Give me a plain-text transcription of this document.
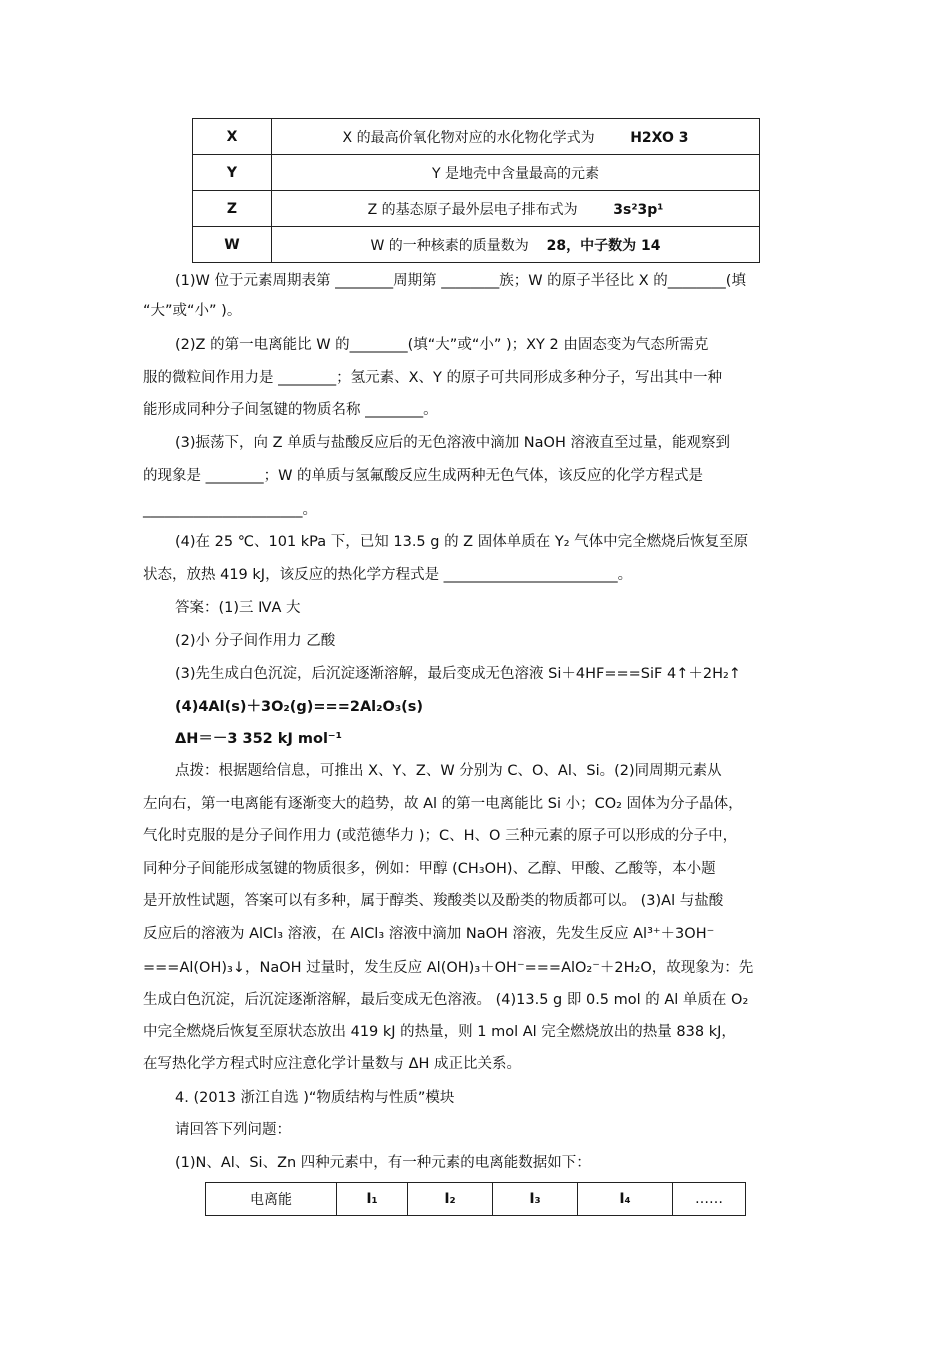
X	X 的最高价氧化物对应的水化物化学式为 H2XO 3
Y	Y 是地壳中含量最高的元素
Z	Z 的基态原子最外层电子排布式为 3s²3p¹
W	W 的一种核素的质量数为 28，中子数为 14
(1)W 位于元素周期表第 ________周期第 ________族；W 的原子半径比 X 的________(填
“大”或“小” )。
(2)Z 的第一电离能比 W 的________(填“大”或“小” )；XY 2 由固态变为气态所需克
服的微粒间作用力是 ________；氢元素、X、Y 的原子可共同形成多种分子，写出其中一种
能形成同种分子间氢键的物质名称 ________。
(3)振荡下，向 Z 单质与盐酸反应后的无色溶液中滴加 NaOH 溶液直至过量，能观察到
的现象是 ________；W 的单质与氢氟酸反应生成两种无色气体，该反应的化学方程式是
______________________。
(4)在 25 ℃、101 kPa 下，已知 13.5 g 的 Z 固体单质在 Y₂ 气体中完全燃烧后恢复至原
状态，放热 419 kJ，该反应的热化学方程式是 ________________________。
答案：(1)三 ⅣA 大
(2)小 分子间作用力 乙酸
(3)先生成白色沉淀，后沉淀逐渐溶解，最后变成无色溶液 Si＋4HF===SiF 4↑＋2H₂↑
(4)4Al(s)＋3O₂(g)===2Al₂O₃(s)
ΔH＝－3 352 kJ mol⁻¹
点拨：根据题给信息，可推出 X、Y、Z、W 分别为 C、O、Al、Si。(2)同周期元素从
左向右，第一电离能有逐渐变大的趋势，故 Al 的第一电离能比 Si 小；CO₂ 固体为分子晶体，
气化时克服的是分子间作用力 (或范德华力 )；C、H、O 三种元素的原子可以形成的分子中，
同种分子间能形成氢键的物质很多，例如：甲醇 (CH₃OH)、乙醇、甲酸、乙酸等，本小题
是开放性试题，答案可以有多种，属于醇类、羧酸类以及酚类的物质都可以。 (3)Al 与盐酸
反应后的溶液为 AlCl₃ 溶液，在 AlCl₃ 溶液中滴加 NaOH 溶液，先发生反应 Al³⁺＋3OH⁻
===Al(OH)₃↓，NaOH 过量时，发生反应 Al(OH)₃＋OH⁻===AlO₂⁻＋2H₂O，故现象为：先
生成白色沉淀，后沉淀逐渐溶解，最后变成无色溶液。 (4)13.5 g 即 0.5 mol 的 Al 单质在 O₂
中完全燃烧后恢复至原状态放出 419 kJ 的热量，则 1 mol Al 完全燃烧放出的热量 838 kJ，
在写热化学方程式时应注意化学计量数与 ΔH 成正比关系。
4. (2013 浙江自选 )“物质结构与性质”模块
请回答下列问题：
(1)N、Al、Si、Zn 四种元素中，有一种元素的电离能数据如下：
电离能	I₁	I₂	I₃	I₄	……
